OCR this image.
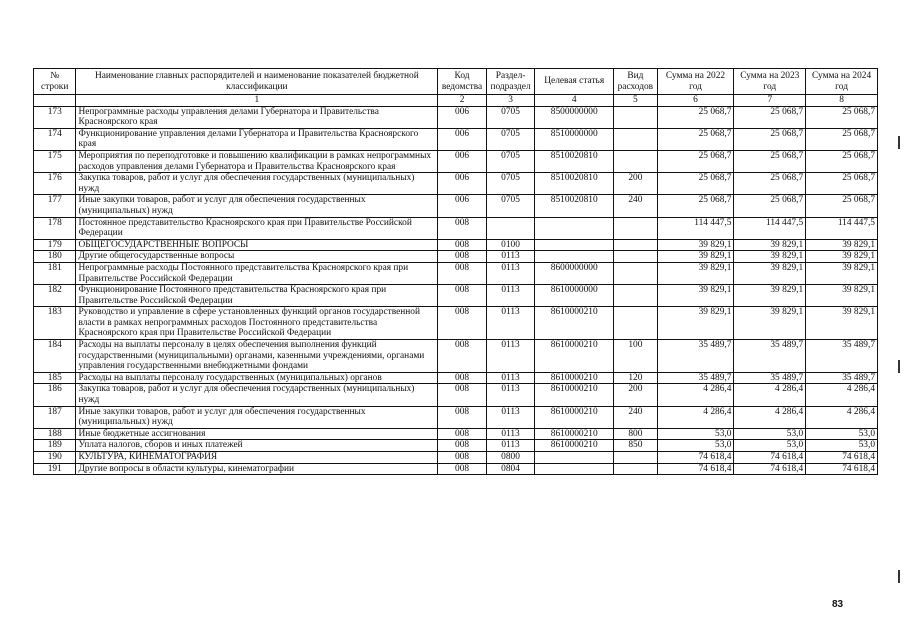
№ строки	Наименование главных распорядителей и наименование показателей бюджетной классификации	Код ведомства	Раздел-подраздел	Целевая статья	Вид расходов	Сумма на 2022 год	Сумма на 2023 год	Сумма на 2024 год
	1	2	3	4	5	6	7	8
173	Непрограммные расходы управления делами Губернатора и Правительства Красноярского края	006	0705	8500000000		25 068,7	25 068,7	25 068,7
174	Функционирование управления делами Губернатора и Правительства Красноярского края	006	0705	8510000000		25 068,7	25 068,7	25 068,7
175	Мероприятия по переподготовке и повышению квалификации в рамках непрограммных расходов управления делами Губернатора и Правительства Красноярского края	006	0705	8510020810		25 068,7	25 068,7	25 068,7
176	Закупка товаров, работ и услуг для обеспечения государственных (муниципальных) нужд	006	0705	8510020810	200	25 068,7	25 068,7	25 068,7
177	Иные закупки товаров, работ и услуг для обеспечения государственных (муниципальных) нужд	006	0705	8510020810	240	25 068,7	25 068,7	25 068,7
178	Постоянное представительство Красноярского края при Правительстве Российской Федерации	008				114 447,5	114 447,5	114 447,5
179	ОБЩЕГОСУДАРСТВЕННЫЕ ВОПРОСЫ	008	0100			39 829,1	39 829,1	39 829,1
180	Другие общегосударственные вопросы	008	0113			39 829,1	39 829,1	39 829,1
181	Непрограммные расходы Постоянного представительства Красноярского края при Правительстве Российской Федерации	008	0113	8600000000		39 829,1	39 829,1	39 829,1
182	Функционирование Постоянного представительства Красноярского края при Правительстве Российской Федерации	008	0113	8610000000		39 829,1	39 829,1	39 829,1
183	Руководство и управление в сфере установленных функций органов государственной власти в рамках непрограммных расходов Постоянного представительства Красноярского края при Правительстве Российской Федерации	008	0113	8610000210		39 829,1	39 829,1	39 829,1
184	Расходы на выплаты персоналу в целях обеспечения выполнения функций государственными (муниципальными) органами, казенными учреждениями, органами управления государственными внебюджетными фондами	008	0113	8610000210	100	35 489,7	35 489,7	35 489,7
185	Расходы на выплаты персоналу государственных (муниципальных) органов	008	0113	8610000210	120	35 489,7	35 489,7	35 489,7
186	Закупка товаров, работ и услуг для обеспечения государственных (муниципальных) нужд	008	0113	8610000210	200	4 286,4	4 286,4	4 286,4
187	Иные закупки товаров, работ и услуг для обеспечения государственных (муниципальных) нужд	008	0113	8610000210	240	4 286,4	4 286,4	4 286,4
188	Иные бюджетные ассигнования	008	0113	8610000210	800	53,0	53,0	53,0
189	Уплата налогов, сборов и иных платежей	008	0113	8610000210	850	53,0	53,0	53,0
190	КУЛЬТУРА, КИНЕМАТОГРАФИЯ	008	0800			74 618,4	74 618,4	74 618,4
191	Другие вопросы в области культуры, кинематографии	008	0804			74 618,4	74 618,4	74 618,4
83
